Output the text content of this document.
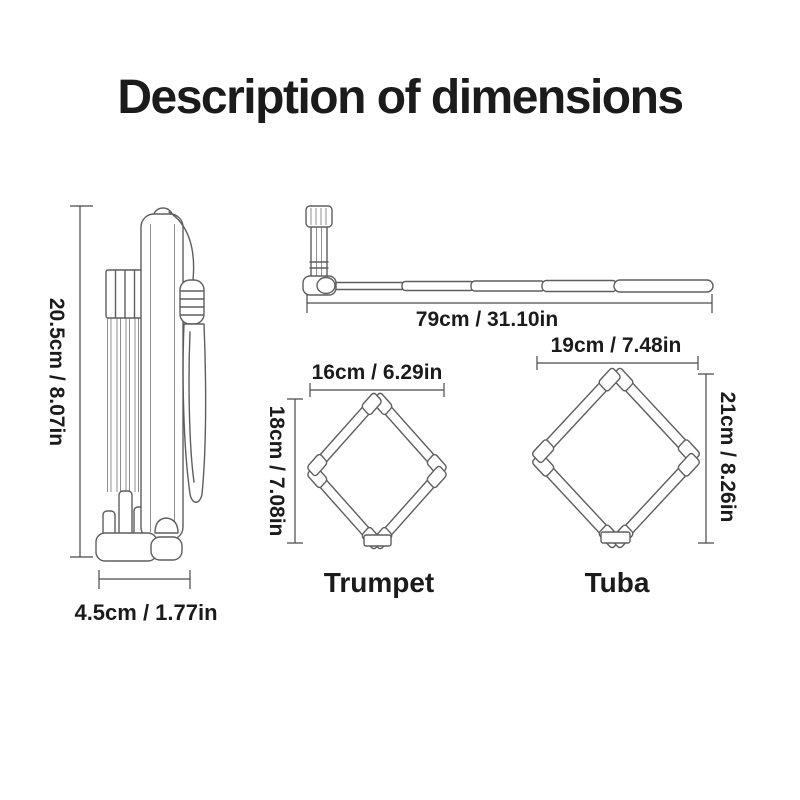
Description of dimensions
20.5cm / 8.07in
4.5cm / 1.77in
79cm / 31.10in
16cm / 6.29in
18cm / 7.08in
Trumpet
19cm / 7.48in
21cm / 8.26in
Tuba
